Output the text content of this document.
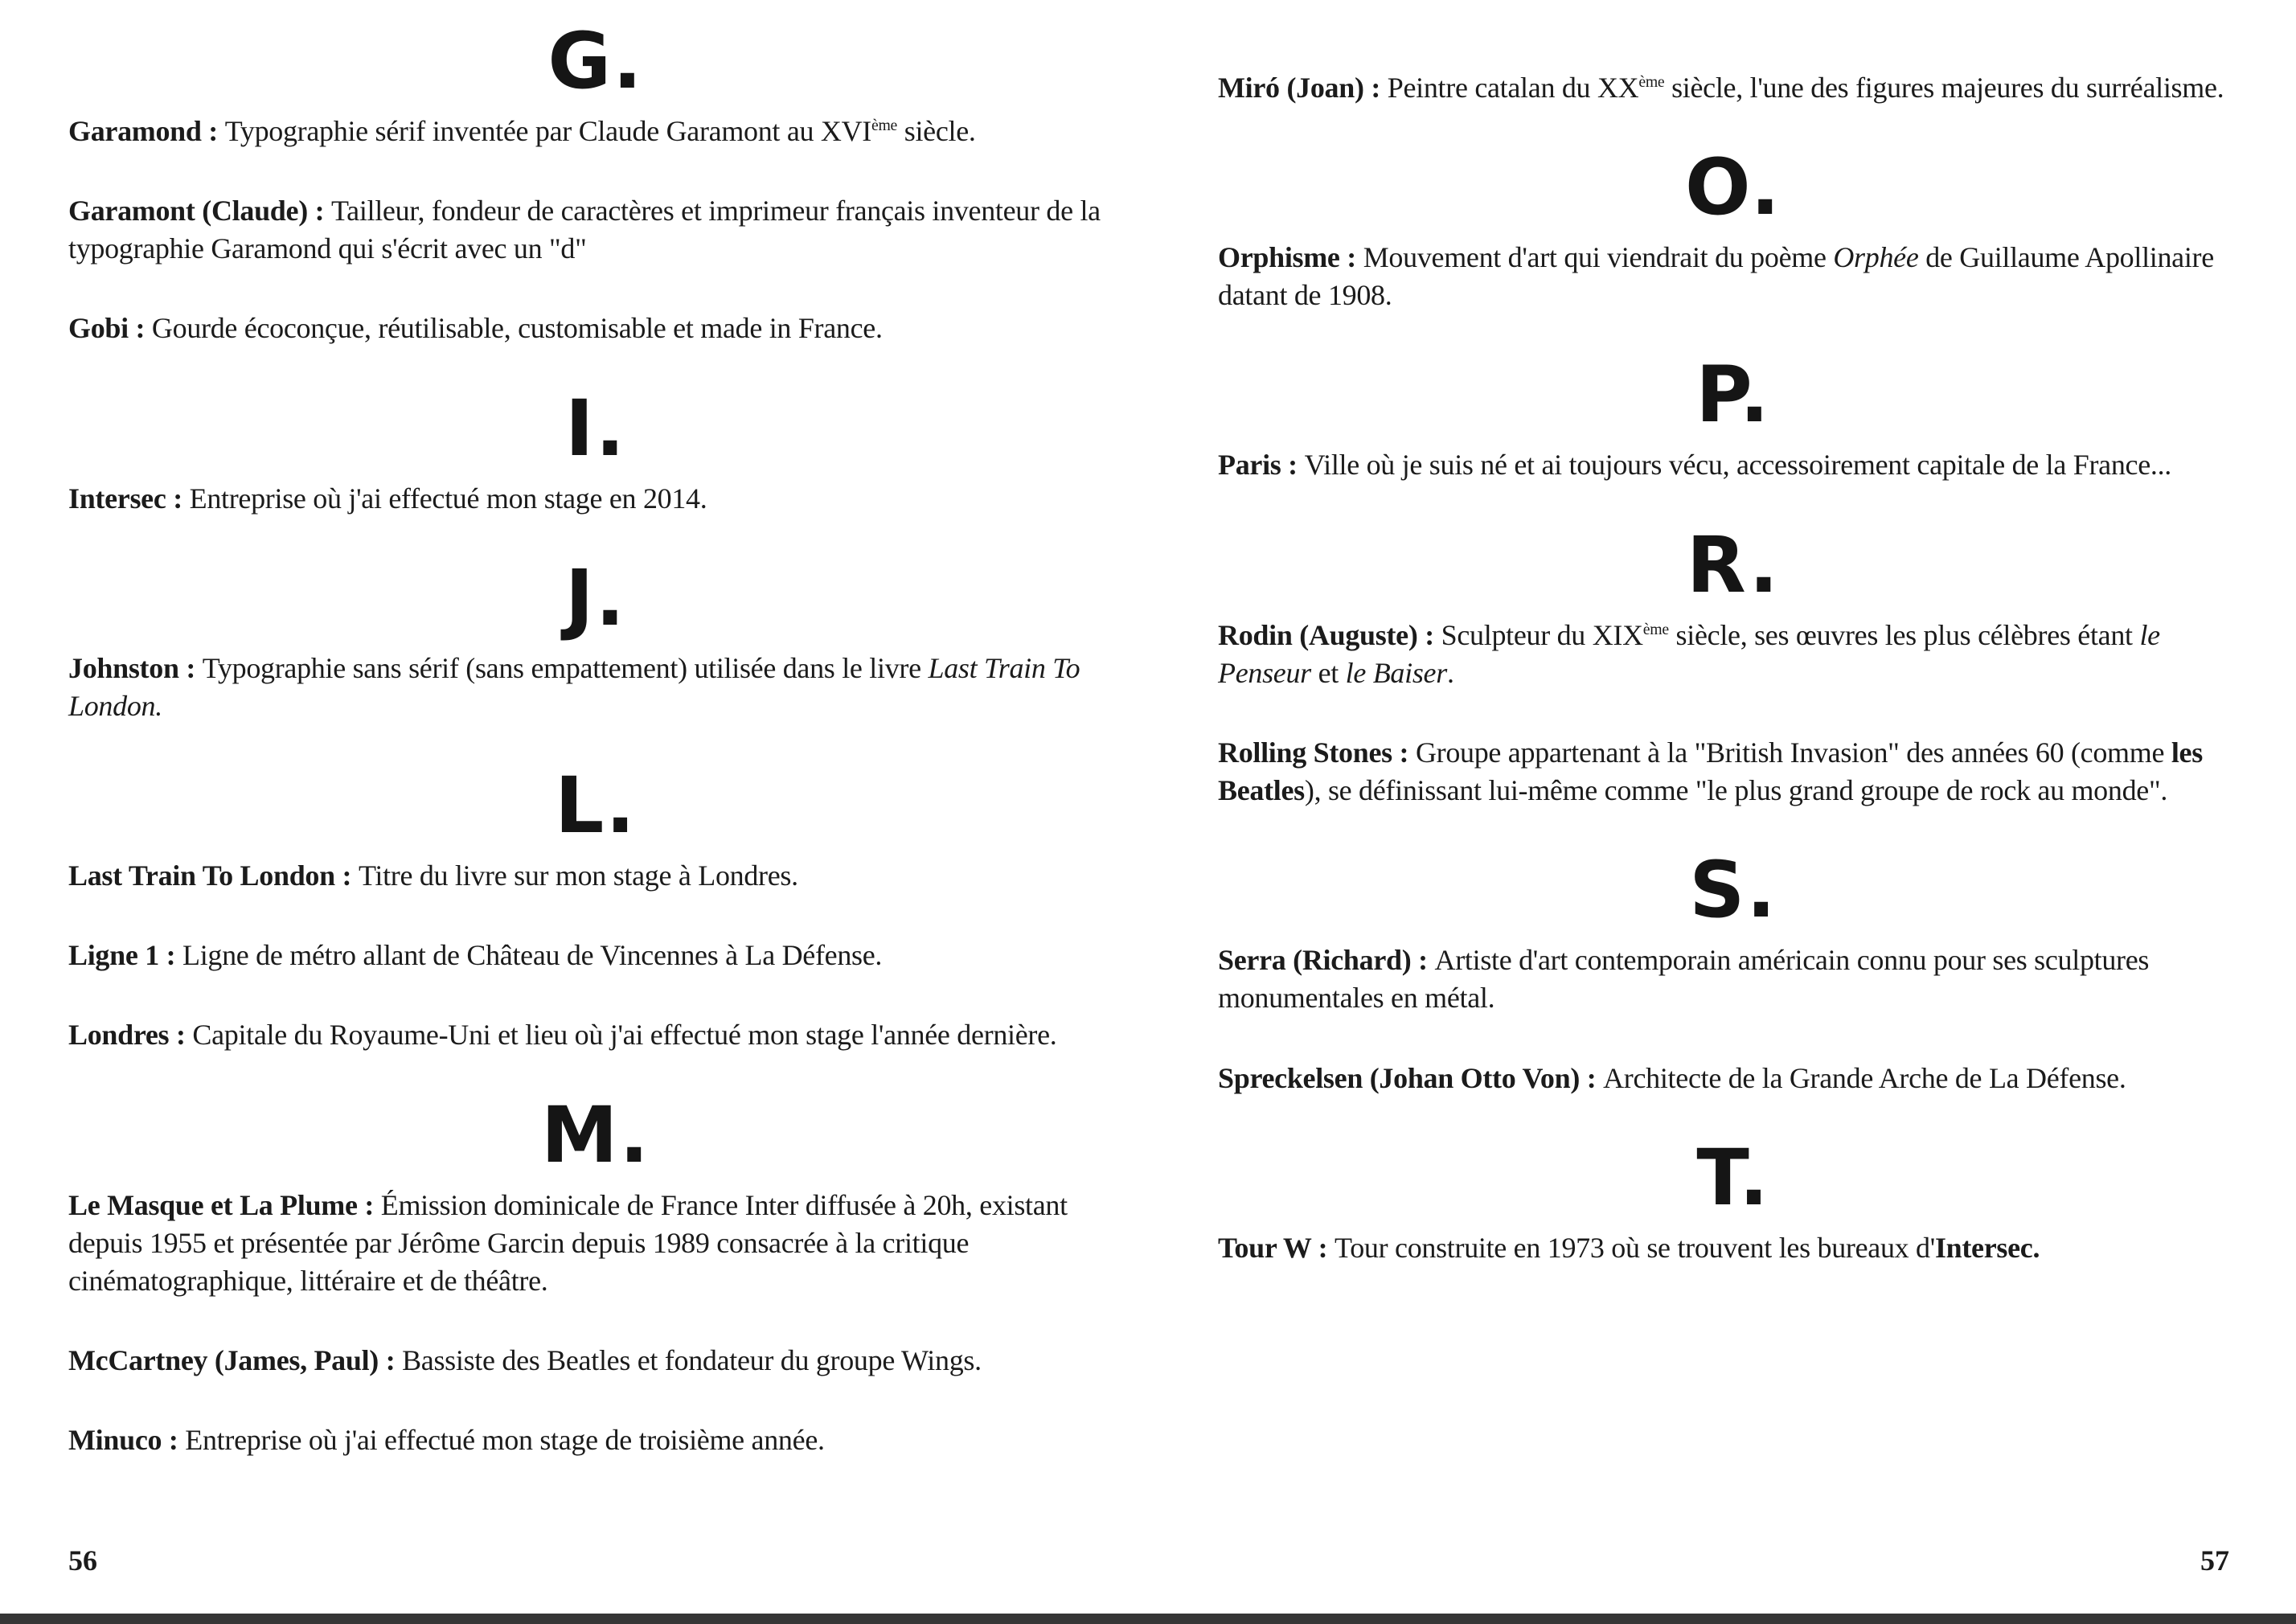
G.

Garamond : Typographie sérif inventée par Claude Garamont au XVIème siècle.

Garamont (Claude) : Tailleur, fondeur de caractères et imprimeur français inventeur de la typographie Garamond qui s'écrit avec un "d"

Gobi : Gourde écoconçue, réutilisable, customisable et made in France.

I.

Intersec : Entreprise où j'ai effectué mon stage en 2014.

J.

Johnston : Typographie sans sérif (sans empattement) utilisée dans le livre Last Train To London.

L.

Last Train To London : Titre du livre sur mon stage à Londres.

Ligne 1 : Ligne de métro allant de Château de Vincennes à La Défense.

Londres : Capitale du Royaume-Uni et lieu où j'ai effectué mon stage l'année dernière.

M.

Le Masque et La Plume : Émission dominicale de France Inter diffusée à 20h, existant depuis 1955 et présentée par Jérôme Garcin depuis 1989 consacrée à la critique cinématographique, littéraire et de théâtre.

McCartney (James, Paul) : Bassiste des Beatles et fondateur du groupe Wings.

Minuco : Entreprise où j'ai effectué mon stage de troisième année.

Miró (Joan) : Peintre catalan du XXème siècle, l'une des figures majeures du surréalisme.

O.

Orphisme : Mouvement d'art qui viendrait du poème Orphée de Guillaume Apollinaire datant de 1908.

P.

Paris : Ville où je suis né et ai toujours vécu, accessoirement capitale de la France...

R.

Rodin (Auguste) : Sculpteur du XIXème siècle, ses œuvres les plus célèbres étant le Penseur et le Baiser.

Rolling Stones : Groupe appartenant à la "British Invasion" des années 60 (comme les Beatles), se définissant lui-même comme "le plus grand groupe de rock au monde".

S.

Serra (Richard) : Artiste d'art contemporain américain connu pour ses sculptures monumentales en métal.

Spreckelsen (Johan Otto Von) : Architecte de la Grande Arche de La Défense.

T.

Tour W : Tour construite en 1973 où se trouvent les bureaux d'Intersec.

56	57
